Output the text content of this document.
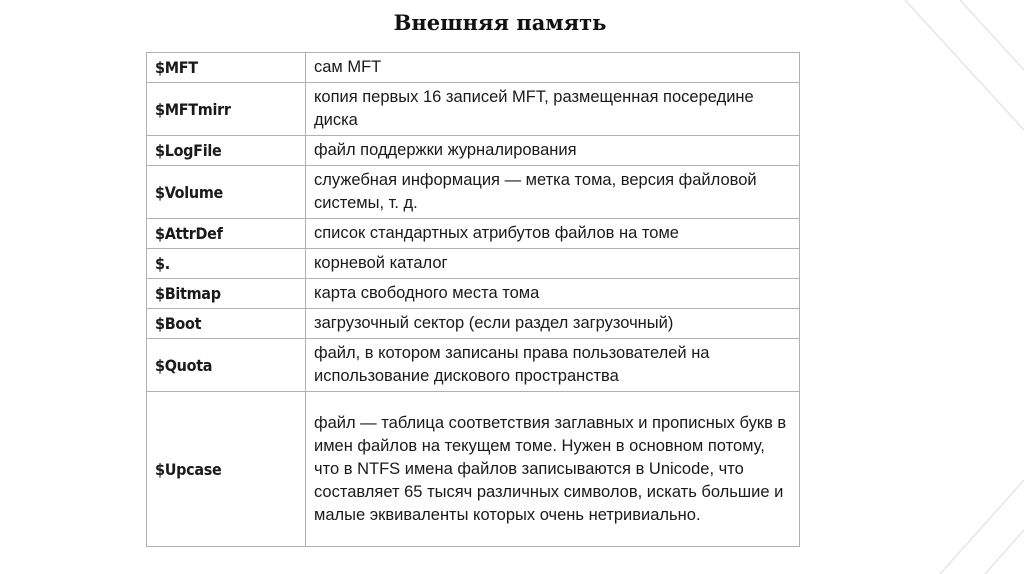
Внешняя память
$MFT	сам MFT
$MFTmirr	копия первых 16 записей MFT, размещенная посередине диска
$LogFile	файл поддержки журналирования
$Volume	служебная информация — метка тома, версия файловой системы, т. д.
$AttrDef	список стандартных атрибутов файлов на томе
$.	корневой каталог
$Bitmap	карта свободного места тома
$Boot	загрузочный сектор (если раздел загрузочный)
$Quota	файл, в котором записаны права пользователей на использование дискового пространства
$Upcase	файл — таблица соответствия заглавных и прописных букв в имен файлов на текущем томе. Нужен в основном потому, что в NTFS имена файлов записываются в Unicode, что составляет 65 тысяч различных символов, искать большие и малые эквиваленты которых очень нетривиально.
